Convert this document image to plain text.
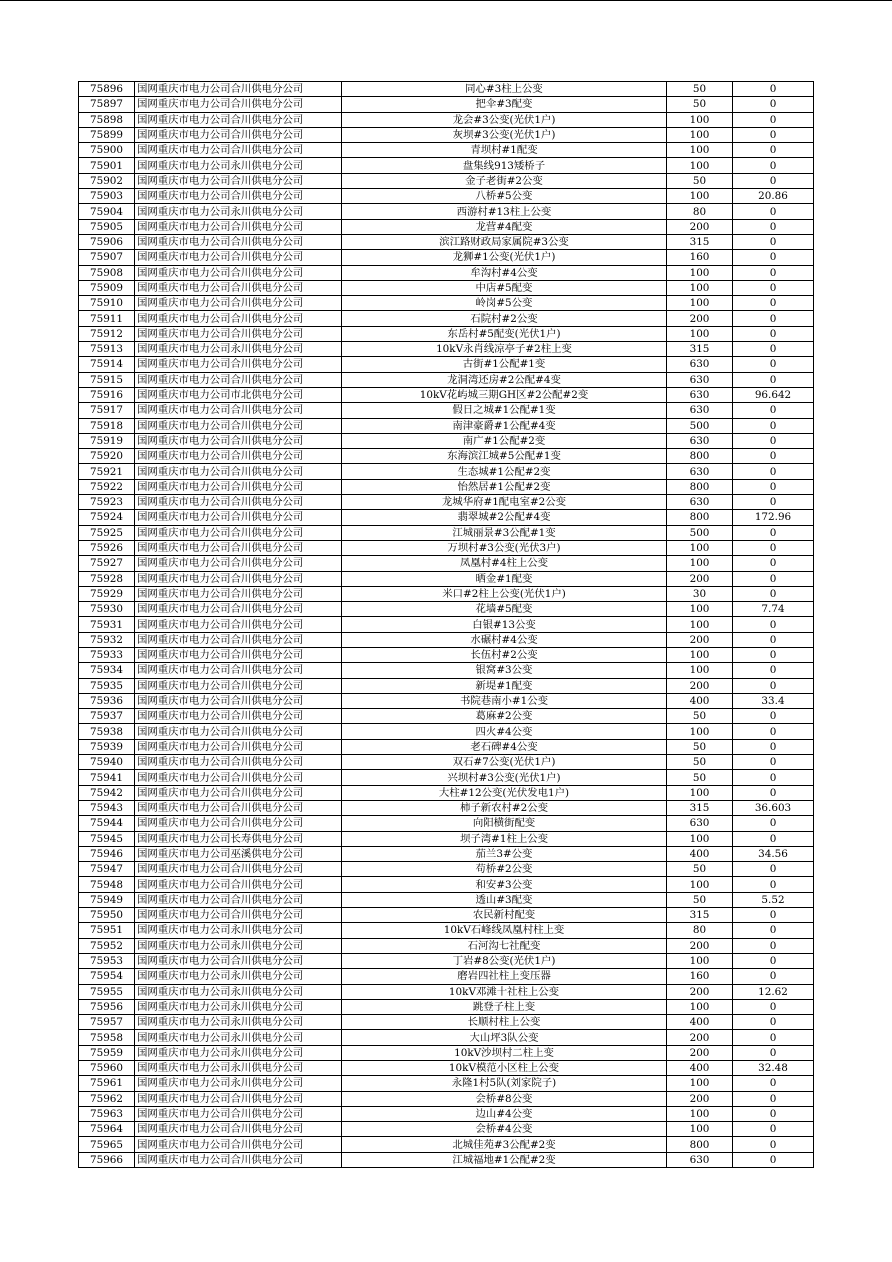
75896	国网重庆市电力公司合川供电分公司	同心#3柱上公变	50	0
75897	国网重庆市电力公司合川供电分公司	把伞#3配变	50	0
75898	国网重庆市电力公司合川供电分公司	龙会#3公变(光伏1户)	100	0
75899	国网重庆市电力公司合川供电分公司	灰坝#3公变(光伏1户)	100	0
75900	国网重庆市电力公司合川供电分公司	青坝村#1配变	100	0
75901	国网重庆市电力公司永川供电分公司	盘集线913矮桥子	100	0
75902	国网重庆市电力公司合川供电分公司	金子老街#2公变	50	0
75903	国网重庆市电力公司合川供电分公司	八桥#5公变	100	20.86
75904	国网重庆市电力公司永川供电分公司	西游村#13柱上公变	80	0
75905	国网重庆市电力公司合川供电分公司	龙营#4配变	200	0
75906	国网重庆市电力公司合川供电分公司	滨江路财政局家属院#3公变	315	0
75907	国网重庆市电力公司合川供电分公司	龙狮#1公变(光伏1户)	160	0
75908	国网重庆市电力公司合川供电分公司	牟沟村#4公变	100	0
75909	国网重庆市电力公司合川供电分公司	中店#5配变	100	0
75910	国网重庆市电力公司合川供电分公司	岭岗#5公变	100	0
75911	国网重庆市电力公司合川供电分公司	石院村#2公变	200	0
75912	国网重庆市电力公司合川供电分公司	东岳村#5配变(光伏1户)	100	0
75913	国网重庆市电力公司永川供电分公司	10kV永肖线凉亭子#2柱上变	315	0
75914	国网重庆市电力公司合川供电分公司	古街#1公配#1变	630	0
75915	国网重庆市电力公司合川供电分公司	龙洞湾还房#2公配#4变	630	0
75916	国网重庆市电力公司市北供电分公司	10kV花屿城三期GH区#2公配#2变	630	96.642
75917	国网重庆市电力公司合川供电分公司	假日之城#1公配#1变	630	0
75918	国网重庆市电力公司合川供电分公司	南津豪爵#1公配#4变	500	0
75919	国网重庆市电力公司合川供电分公司	南广#1公配#2变	630	0
75920	国网重庆市电力公司合川供电分公司	东海滨江城#5公配#1变	800	0
75921	国网重庆市电力公司合川供电分公司	生态城#1公配#2变	630	0
75922	国网重庆市电力公司合川供电分公司	怡然居#1公配#2变	800	0
75923	国网重庆市电力公司合川供电分公司	龙城华府#1配电室#2公变	630	0
75924	国网重庆市电力公司合川供电分公司	翡翠城#2公配#4变	800	172.96
75925	国网重庆市电力公司合川供电分公司	江城丽景#3公配#1变	500	0
75926	国网重庆市电力公司合川供电分公司	万坝村#3公变(光伏3户)	100	0
75927	国网重庆市电力公司合川供电分公司	凤凰村#4柱上公变	100	0
75928	国网重庆市电力公司合川供电分公司	晒金#1配变	200	0
75929	国网重庆市电力公司合川供电分公司	米口#2柱上公变(光伏1户)	30	0
75930	国网重庆市电力公司合川供电分公司	花墙#5配变	100	7.74
75931	国网重庆市电力公司合川供电分公司	白银#13公变	100	0
75932	国网重庆市电力公司合川供电分公司	水碾村#4公变	200	0
75933	国网重庆市电力公司合川供电分公司	长伍村#2公变	100	0
75934	国网重庆市电力公司合川供电分公司	银窝#3公变	100	0
75935	国网重庆市电力公司合川供电分公司	新堤#1配变	200	0
75936	国网重庆市电力公司合川供电分公司	书院巷南小#1公变	400	33.4
75937	国网重庆市电力公司合川供电分公司	葛麻#2公变	50	0
75938	国网重庆市电力公司合川供电分公司	四火#4公变	100	0
75939	国网重庆市电力公司合川供电分公司	老石碑#4公变	50	0
75940	国网重庆市电力公司合川供电分公司	双石#7公变(光伏1户)	50	0
75941	国网重庆市电力公司合川供电分公司	兴坝村#3公变(光伏1户)	50	0
75942	国网重庆市电力公司合川供电分公司	大柱#12公变(光伏发电1户)	100	0
75943	国网重庆市电力公司合川供电分公司	柿子新农村#2公变	315	36.603
75944	国网重庆市电力公司合川供电分公司	向阳横街配变	630	0
75945	国网重庆市电力公司长寿供电分公司	坝子湾#1柱上公变	100	0
75946	国网重庆市电力公司巫溪供电分公司	茄兰3#公变	400	34.56
75947	国网重庆市电力公司合川供电分公司	苟桥#2公变	50	0
75948	国网重庆市电力公司合川供电分公司	和安#3公变	100	0
75949	国网重庆市电力公司合川供电分公司	透山#3配变	50	5.52
75950	国网重庆市电力公司合川供电分公司	农民新村配变	315	0
75951	国网重庆市电力公司永川供电分公司	10kV石峰线凤凰村柱上变	80	0
75952	国网重庆市电力公司永川供电分公司	石河沟七社配变	200	0
75953	国网重庆市电力公司合川供电分公司	丁岩#8公变(光伏1户)	100	0
75954	国网重庆市电力公司永川供电分公司	磨岩四社柱上变压器	160	0
75955	国网重庆市电力公司永川供电分公司	10kV邓滩十社柱上公变	200	12.62
75956	国网重庆市电力公司永川供电分公司	跳登子柱上变	100	0
75957	国网重庆市电力公司永川供电分公司	长顺村柱上公变	400	0
75958	国网重庆市电力公司永川供电分公司	大山坪3队公变	200	0
75959	国网重庆市电力公司永川供电分公司	10kV沙坝村二柱上变	200	0
75960	国网重庆市电力公司永川供电分公司	10kV模范小区柱上公变	400	32.48
75961	国网重庆市电力公司永川供电分公司	永隆1村5队(刘家院子)	100	0
75962	国网重庆市电力公司合川供电分公司	会桥#8公变	200	0
75963	国网重庆市电力公司合川供电分公司	边山#4公变	100	0
75964	国网重庆市电力公司合川供电分公司	会桥#4公变	100	0
75965	国网重庆市电力公司合川供电分公司	北城佳苑#3公配#2变	800	0
75966	国网重庆市电力公司合川供电分公司	江城福地#1公配#2变	630	0
